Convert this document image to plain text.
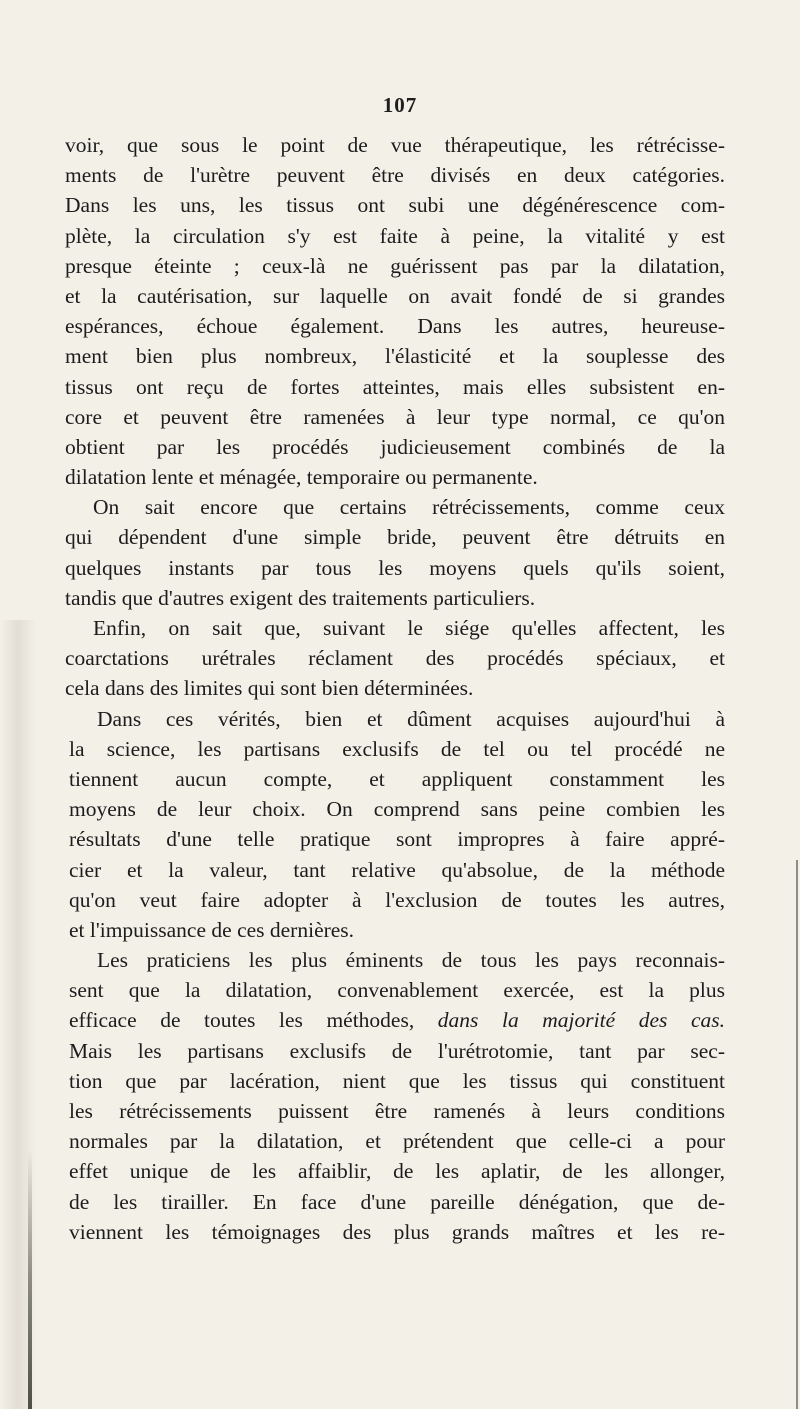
107
voir, que sous le point de vue thérapeutique, les rétrécisse-
ments de l'urètre peuvent être divisés en deux catégories.
Dans les uns, les tissus ont subi une dégénérescence com-
plète, la circulation s'y est faite à peine, la vitalité y est
presque éteinte ; ceux-là ne guérissent pas par la dilatation,
et la cautérisation, sur laquelle on avait fondé de si grandes
espérances, échoue également. Dans les autres, heureuse-
ment bien plus nombreux, l'élasticité et la souplesse des
tissus ont reçu de fortes atteintes, mais elles subsistent en-
core et peuvent être ramenées à leur type normal, ce qu'on
obtient par les procédés judicieusement combinés de la
dilatation lente et ménagée, temporaire ou permanente.
On sait encore que certains rétrécissements, comme ceux
qui dépendent d'une simple bride, peuvent être détruits en
quelques instants par tous les moyens quels qu'ils soient,
tandis que d'autres exigent des traitements particuliers.
Enfin, on sait que, suivant le siége qu'elles affectent, les
coarctations urétrales réclament des procédés spéciaux, et
cela dans des limites qui sont bien déterminées.
Dans ces vérités, bien et dûment acquises aujourd'hui à
la science, les partisans exclusifs de tel ou tel procédé ne
tiennent aucun compte, et appliquent constamment les
moyens de leur choix. On comprend sans peine combien les
résultats d'une telle pratique sont impropres à faire appré-
cier et la valeur, tant relative qu'absolue, de la méthode
qu'on veut faire adopter à l'exclusion de toutes les autres,
et l'impuissance de ces dernières.
Les praticiens les plus éminents de tous les pays reconnais-
sent que la dilatation, convenablement exercée, est la plus
efficace de toutes les méthodes, dans la majorité des cas.
Mais les partisans exclusifs de l'urétrotomie, tant par sec-
tion que par lacération, nient que les tissus qui constituent
les rétrécissements puissent être ramenés à leurs conditions
normales par la dilatation, et prétendent que celle-ci a pour
effet unique de les affaiblir, de les aplatir, de les allonger,
de les tirailler. En face d'une pareille dénégation, que de-
viennent les témoignages des plus grands maîtres et les re-
